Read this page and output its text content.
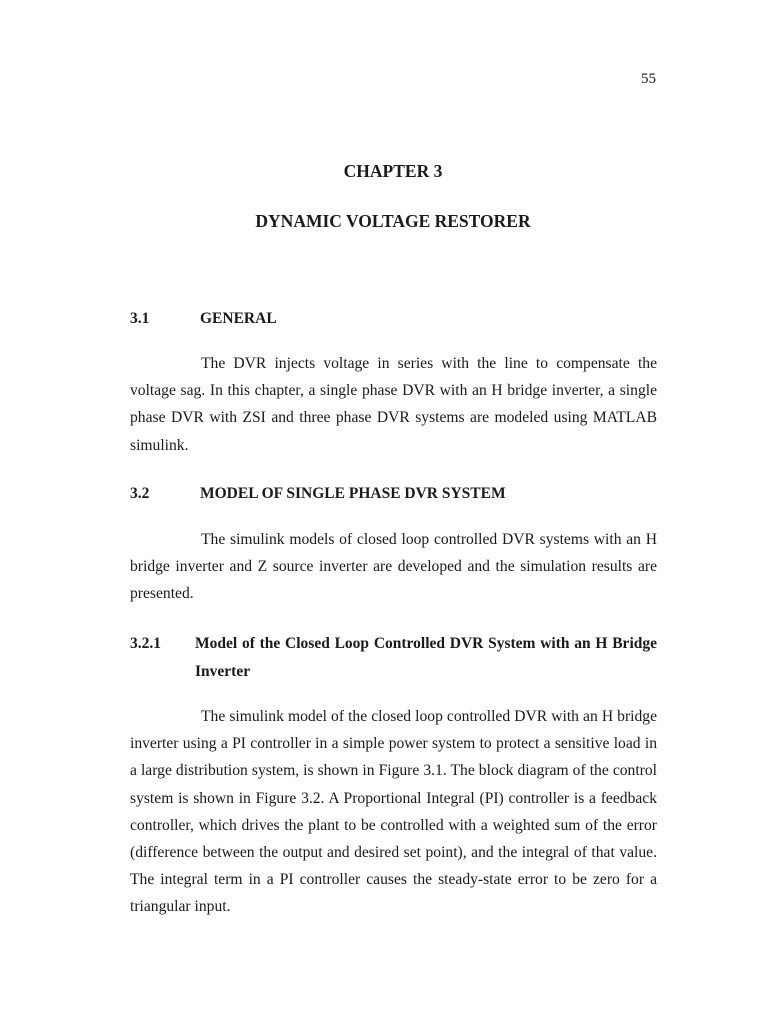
55
CHAPTER 3
DYNAMIC VOLTAGE RESTORER
3.1	GENERAL

The DVR injects voltage in series with the line to compensate the voltage sag. In this chapter, a single phase DVR with an H bridge inverter, a single phase DVR with ZSI and three phase DVR systems are modeled using MATLAB simulink.

3.2	MODEL OF SINGLE PHASE DVR SYSTEM

The simulink models of closed loop controlled DVR systems with an H bridge inverter and Z source inverter are developed and the simulation results are presented.

3.2.1 Model of the Closed Loop Controlled DVR System with an H Bridge Inverter

The simulink model of the closed loop controlled DVR with an H bridge inverter using a PI controller in a simple power system to protect a sensitive load in a large distribution system, is shown in Figure 3.1. The block diagram of the control system is shown in Figure 3.2. A Proportional Integral (PI) controller is a feedback controller, which drives the plant to be controlled with a weighted sum of the error (difference between the output and desired set point), and the integral of that value. The integral term in a PI controller causes the steady-state error to be zero for a triangular input.
